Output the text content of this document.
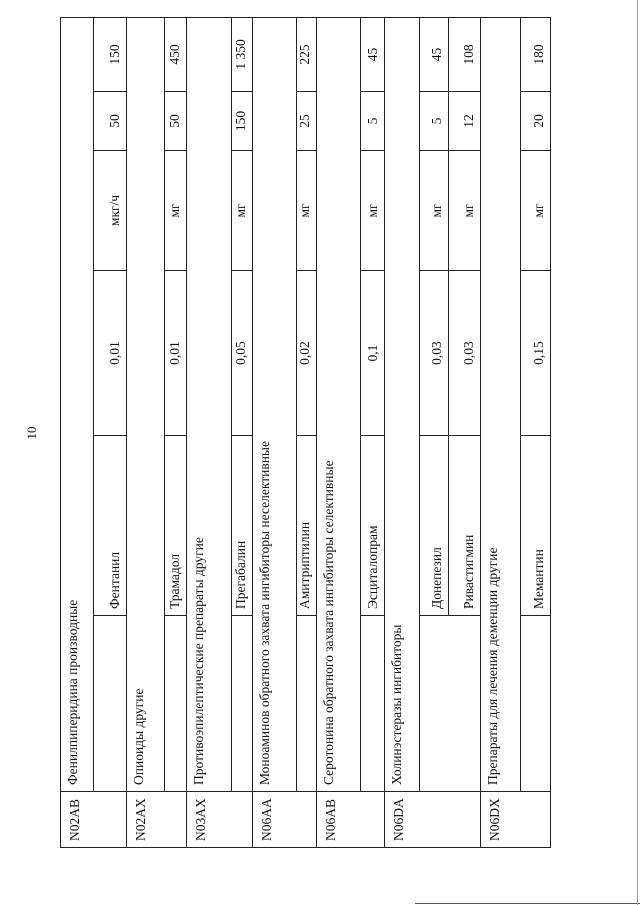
10
N02AB	Фенилпиперидина производные					
		Фентанил	0,01	мкг/ч	50	150
N02AX	Опиоиды другие					
		Трамадол	0,01	мг	50	450
N03AX	Противоэпилептические препараты другие					
		Прегабалин	0,05	мг	150	1 350
N06AA	Моноаминов обратного захвата ингибиторы неселективные					
		Амитриптилин	0,02	мг	25	225
N06AB	Серотонина обратного захвата ингибиторы селективные					
		Эсциталопрам	0,1	мг	5	45
N06DA	Холинэстеразы ингибиторы					
		Донепезил	0,03	мг	5	45
		Ривастигмин	0,03	мг	12	108
N06DX	Препараты для лечения деменции другие					
		Мемантин	0,15	мг	20	180
